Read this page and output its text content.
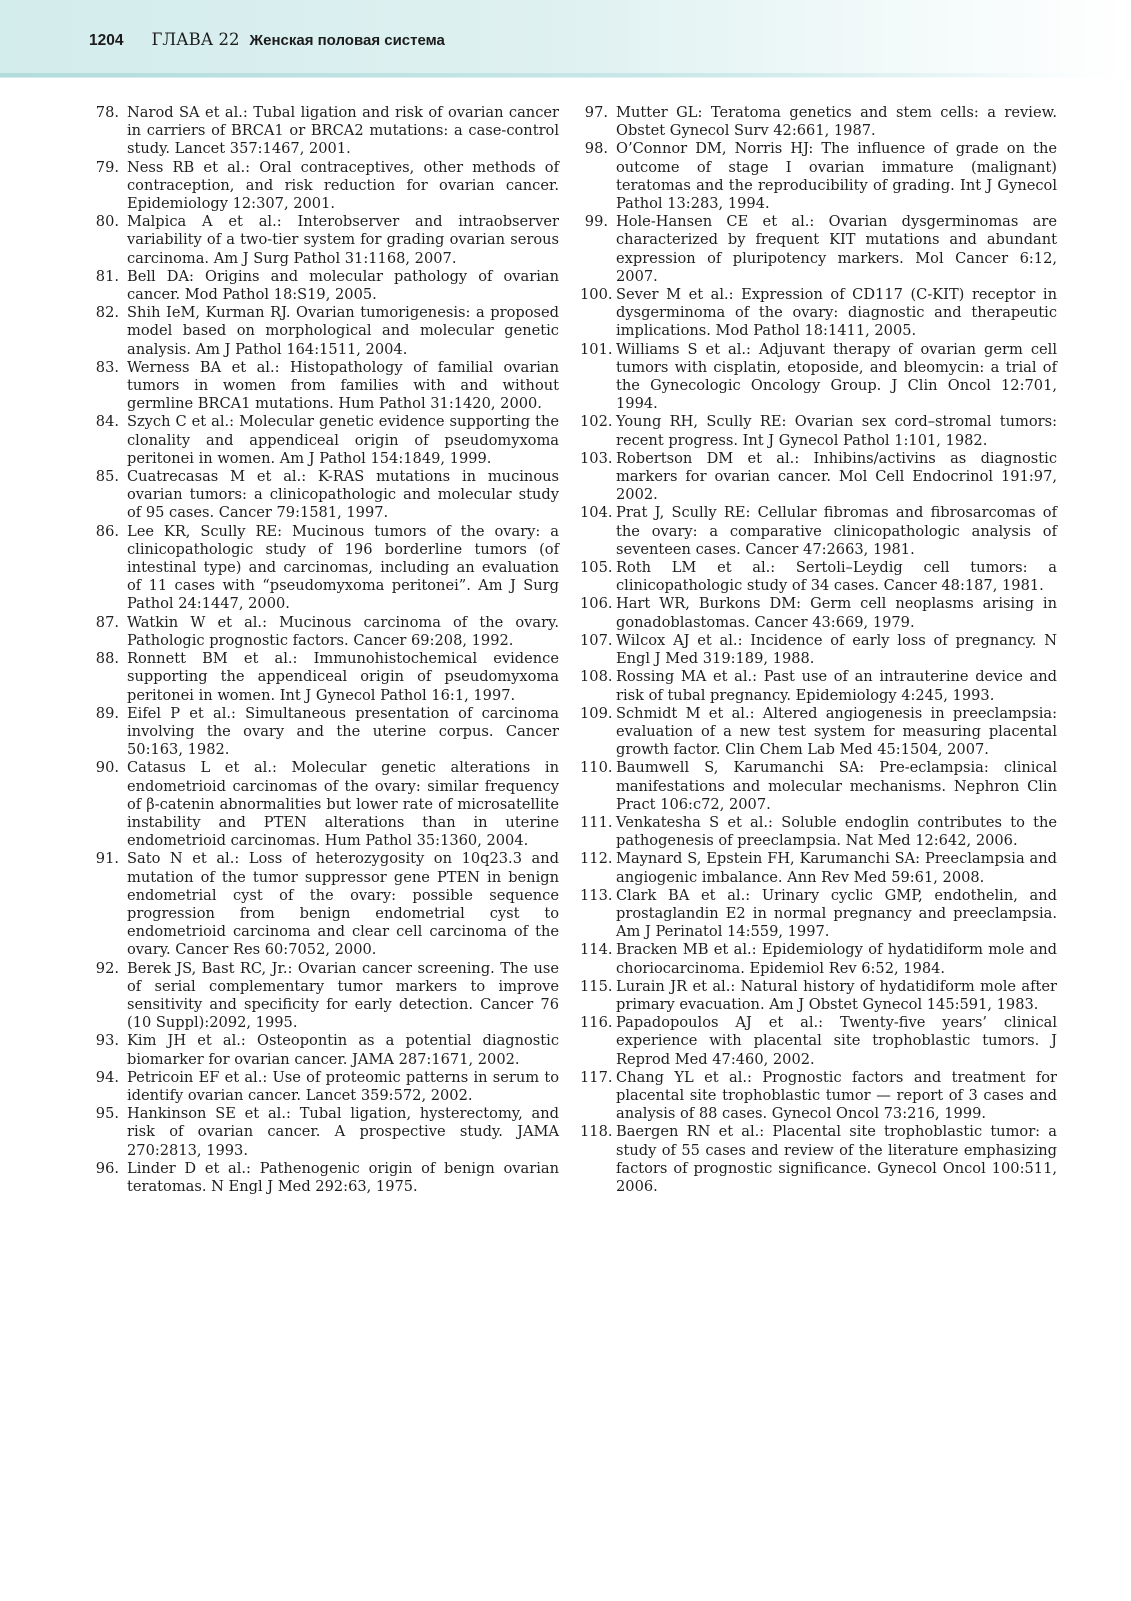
1204 ГЛАВА 22 Женская половая система
78. Narod SA et al.: Tubal ligation and risk of ovarian cancer in carriers of BRCA1 or BRCA2 mutations: a case-control study. Lancet 357:1467, 2001.
79. Ness RB et al.: Oral contraceptives, other methods of contraception, and risk reduction for ovarian cancer. Epidemiology 12:307, 2001.
80. Malpica A et al.: Interobserver and intraobserver variability of a two-tier system for grading ovarian serous carcinoma. Am J Surg Pathol 31:1168, 2007.
81. Bell DA: Origins and molecular pathology of ovarian cancer. Mod Pathol 18:S19, 2005.
82. Shih IeM, Kurman RJ. Ovarian tumorigenesis: a proposed model based on morphological and molecular genetic analysis. Am J Pathol 164:1511, 2004.
83. Werness BA et al.: Histopathology of familial ovarian tumors in women from families with and without germline BRCA1 mutations. Hum Pathol 31:1420, 2000.
84. Szych C et al.: Molecular genetic evidence supporting the clonality and appendiceal origin of pseudomyxoma peritonei in women. Am J Pathol 154:1849, 1999.
85. Cuatrecasas M et al.: K-RAS mutations in mucinous ovarian tumors: a clinicopathologic and molecular study of 95 cases. Cancer 79:1581, 1997.
86. Lee KR, Scully RE: Mucinous tumors of the ovary: a clinicopathologic study of 196 borderline tumors (of intestinal type) and carcinomas, including an evaluation of 11 cases with “pseudomyxoma peritonei”. Am J Surg Pathol 24:1447, 2000.
87. Watkin W et al.: Mucinous carcinoma of the ovary. Pathologic prognostic factors. Cancer 69:208, 1992.
88. Ronnett BM et al.: Immunohistochemical evidence supporting the appendiceal origin of pseudomyxoma peritonei in women. Int J Gynecol Pathol 16:1, 1997.
89. Eifel P et al.: Simultaneous presentation of carcinoma involving the ovary and the uterine corpus. Cancer 50:163, 1982.
90. Catasus L et al.: Molecular genetic alterations in endometrioid carcinomas of the ovary: similar frequency of β-catenin abnormalities but lower rate of microsatellite instability and PTEN alterations than in uterine endometrioid carcinomas. Hum Pathol 35:1360, 2004.
91. Sato N et al.: Loss of heterozygosity on 10q23.3 and mutation of the tumor suppressor gene PTEN in benign endometrial cyst of the ovary: possible sequence progression from benign endometrial cyst to endometrioid carcinoma and clear cell carcinoma of the ovary. Cancer Res 60:7052, 2000.
92. Berek JS, Bast RC, Jr.: Ovarian cancer screening. The use of serial complementary tumor markers to improve sensitivity and specificity for early detection. Cancer 76 (10 Suppl):2092, 1995.
93. Kim JH et al.: Osteopontin as a potential diagnostic biomarker for ovarian cancer. JAMA 287:1671, 2002.
94. Petricoin EF et al.: Use of proteomic patterns in serum to identify ovarian cancer. Lancet 359:572, 2002.
95. Hankinson SE et al.: Tubal ligation, hysterectomy, and risk of ovarian cancer. A prospective study. JAMA 270:2813, 1993.
96. Linder D et al.: Pathenogenic origin of benign ovarian teratomas. N Engl J Med 292:63, 1975.
97. Mutter GL: Teratoma genetics and stem cells: a review. Obstet Gynecol Surv 42:661, 1987.
98. O’Connor DM, Norris HJ: The influence of grade on the outcome of stage I ovarian immature (malignant) teratomas and the reproducibility of grading. Int J Gynecol Pathol 13:283, 1994.
99. Hole-Hansen CE et al.: Ovarian dysgerminomas are characterized by frequent KIT mutations and abundant expression of pluripotency markers. Mol Cancer 6:12, 2007.
100. Sever M et al.: Expression of CD117 (C-KIT) receptor in dysgerminoma of the ovary: diagnostic and therapeutic implications. Mod Pathol 18:1411, 2005.
101. Williams S et al.: Adjuvant therapy of ovarian germ cell tumors with cisplatin, etoposide, and bleomycin: a trial of the Gynecologic Oncology Group. J Clin Oncol 12:701, 1994.
102. Young RH, Scully RE: Ovarian sex cord–stromal tumors: recent progress. Int J Gynecol Pathol 1:101, 1982.
103. Robertson DM et al.: Inhibins/activins as diagnostic markers for ovarian cancer. Mol Cell Endocrinol 191:97, 2002.
104. Prat J, Scully RE: Cellular fibromas and fibrosarcomas of the ovary: a comparative clinicopathologic analysis of seventeen cases. Cancer 47:2663, 1981.
105. Roth LM et al.: Sertoli–Leydig cell tumors: a clinicopathologic study of 34 cases. Cancer 48:187, 1981.
106. Hart WR, Burkons DM: Germ cell neoplasms arising in gonadoblastomas. Cancer 43:669, 1979.
107. Wilcox AJ et al.: Incidence of early loss of pregnancy. N Engl J Med 319:189, 1988.
108. Rossing MA et al.: Past use of an intrauterine device and risk of tubal pregnancy. Epidemiology 4:245, 1993.
109. Schmidt M et al.: Altered angiogenesis in preeclampsia: evaluation of a new test system for measuring placental growth factor. Clin Chem Lab Med 45:1504, 2007.
110. Baumwell S, Karumanchi SA: Pre-eclampsia: clinical manifestations and molecular mechanisms. Nephron Clin Pract 106:c72, 2007.
111. Venkatesha S et al.: Soluble endoglin contributes to the pathogenesis of preeclampsia. Nat Med 12:642, 2006.
112. Maynard S, Epstein FH, Karumanchi SA: Preeclampsia and angiogenic imbalance. Ann Rev Med 59:61, 2008.
113. Clark BA et al.: Urinary cyclic GMP, endothelin, and prostaglandin E2 in normal pregnancy and preeclampsia. Am J Perinatol 14:559, 1997.
114. Bracken MB et al.: Epidemiology of hydatidiform mole and choriocarcinoma. Epidemiol Rev 6:52, 1984.
115. Lurain JR et al.: Natural history of hydatidiform mole after primary evacuation. Am J Obstet Gynecol 145:591, 1983.
116. Papadopoulos AJ et al.: Twenty-five years’ clinical experience with placental site trophoblastic tumors. J Reprod Med 47:460, 2002.
117. Chang YL et al.: Prognostic factors and treatment for placental site trophoblastic tumor — report of 3 cases and analysis of 88 cases. Gynecol Oncol 73:216, 1999.
118. Baergen RN et al.: Placental site trophoblastic tumor: a study of 55 cases and review of the literature emphasizing factors of prognostic significance. Gynecol Oncol 100:511, 2006.
